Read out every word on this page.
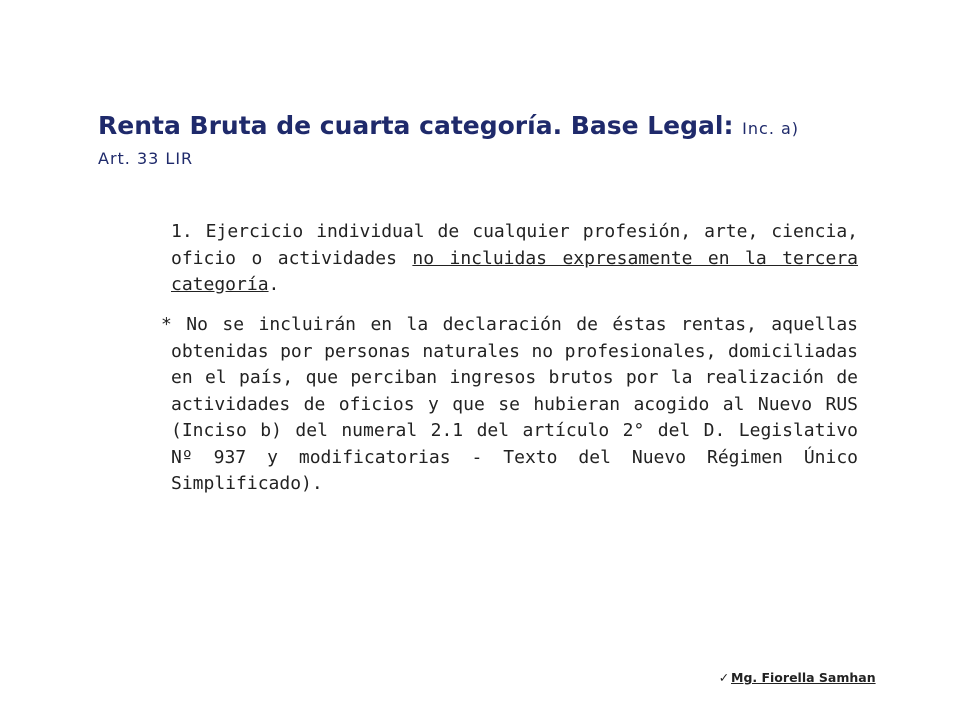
Renta Bruta de cuarta categoría. Base Legal: Inc. a)
Art. 33 LIR
1. Ejercicio individual de cualquier profesión, arte, ciencia, oficio o actividades no incluidas expresamente en la tercera categoría.
* No se incluirán en la declaración de éstas rentas, aquellas obtenidas por personas naturales no profesionales, domiciliadas en el país, que perciban ingresos brutos por la realización de actividades de oficios y que se hubieran acogido al Nuevo RUS (Inciso b) del numeral 2.1 del artículo 2° del D. Legislativo Nº 937 y modificatorias - Texto del Nuevo Régimen Único Simplificado).
✓ Mg. Fiorella Samhan
